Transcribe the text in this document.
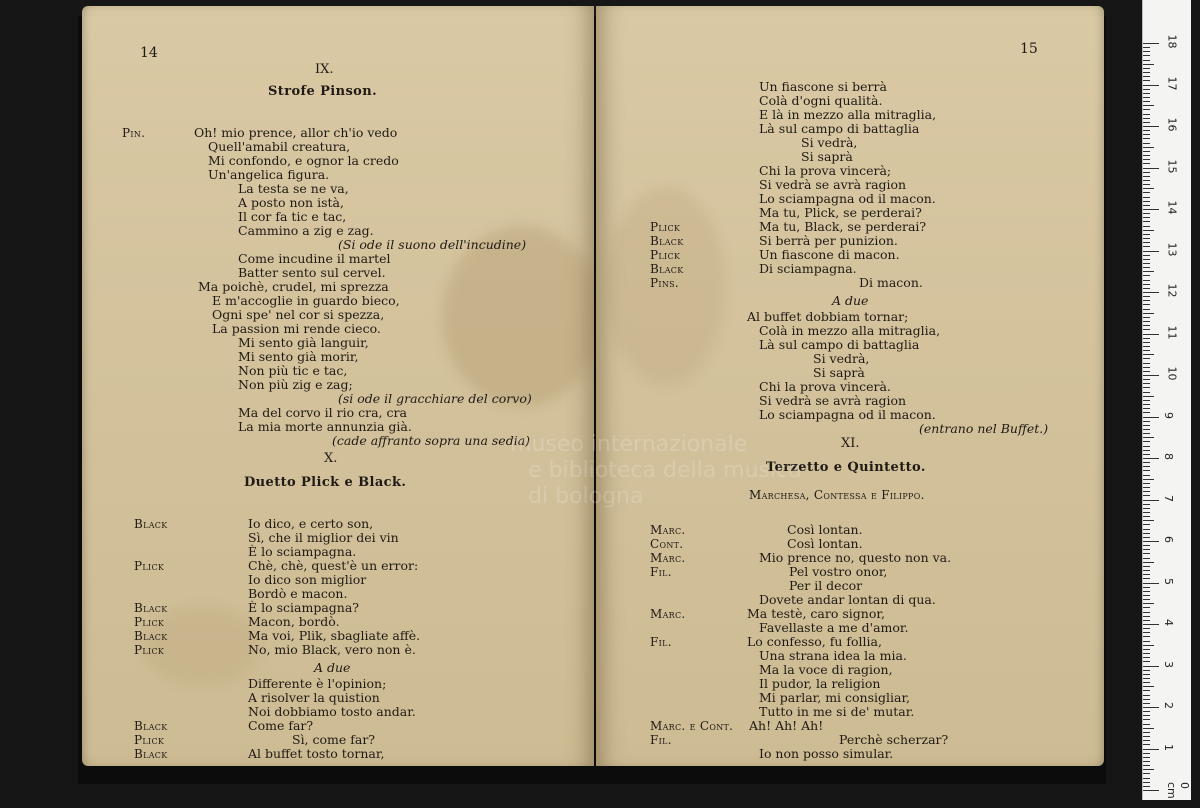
14
IX.
Strofe Pinson.
Pin.	Oh! mio prence, allor ch'io vedo
Quell'amabil creatura,
Mi confondo, e ognor la credo
Un'angelica figura.
La testa se ne va,
A posto non istà,
Il cor fa tic e tac,
Cammino a zig e zag.
(Si ode il suono dell'incudine)
Come incudine il martel
Batter sento sul cervel.
Ma poichè, crudel, mi sprezza
E m'accoglie in guardo bieco,
Ogni spe' nel cor si spezza,
La passion mi rende cieco.
Mi sento già languir,
Mi sento già morir,
Non più tic e tac,
Non più zig e zag;
(si ode il gracchiare del corvo)
Ma del corvo il rio cra, cra
La mia morte annunzia già.
(cade affranto sopra una sedia)
X.
Duetto Plick e Black.
Black	Io dico, e certo son,
Sì, che il miglior dei vin
È lo sciampagna.
Plick	Chè, chè, quest'è un error:
Io dico son miglior
Bordò e macon.
Black	È lo sciampagna?
Plick	Macon, bordò.
Black	Ma voi, Plik, sbagliate affè.
Plick	No, mio Black, vero non è.
A due
Differente è l'opinion;
A risolver la quistion
Noi dobbiamo tosto andar.
Black	Come far?
Plick	Sì, come far?
Black	Al buffet tosto tornar,
15
Un fiascone si berrà
Colà d'ogni qualità.
E là in mezzo alla mitraglia,
Là sul campo di battaglia
Si vedrà,
Si saprà
Chi la prova vincerà;
Si vedrà se avrà ragion
Lo sciampagna od il macon.
Ma tu, Plick, se perderai?
Plick	Ma tu, Black, se perderai?
Black	Si berrà per punizion.
Plick	Un fiascone di macon.
Black	Di sciampagna.
Pins.	Di macon.
A due
Al buffet dobbiam tornar;
Colà in mezzo alla mitraglia,
Là sul campo di battaglia
Si vedrà,
Si saprà
Chi la prova vincerà.
Si vedrà se avrà ragion
Lo sciampagna od il macon.
(entrano nel Buffet.)
XI.
Terzetto e Quintetto.
Marchesa, Contessa e Filippo.
Marc.	Così lontan.
Cont.	Così lontan.
Marc.	Mio prence no, questo non va.
Fil.	Pel vostro onor,
Per il decor
Dovete andar lontan di qua.
Marc.	Ma testè, caro signor,
Favellaste a me d'amor.
Fil.	Lo confesso, fu follia,
Una strana idea la mia.
Ma la voce di ragion,
Il pudor, la religion
Mi parlar, mi consigliar,
Tutto in me si de' mutar.
Marc. e Cont. Ah! Ah! Ah!
Fil.	Perchè scherzar?
Io non posso simular.
museo internazionale
e biblioteca della musica
di bologna
0 cm
1
2
3
4
5
6
7
8
9
10
11
12
13
14
15
16
17
18
